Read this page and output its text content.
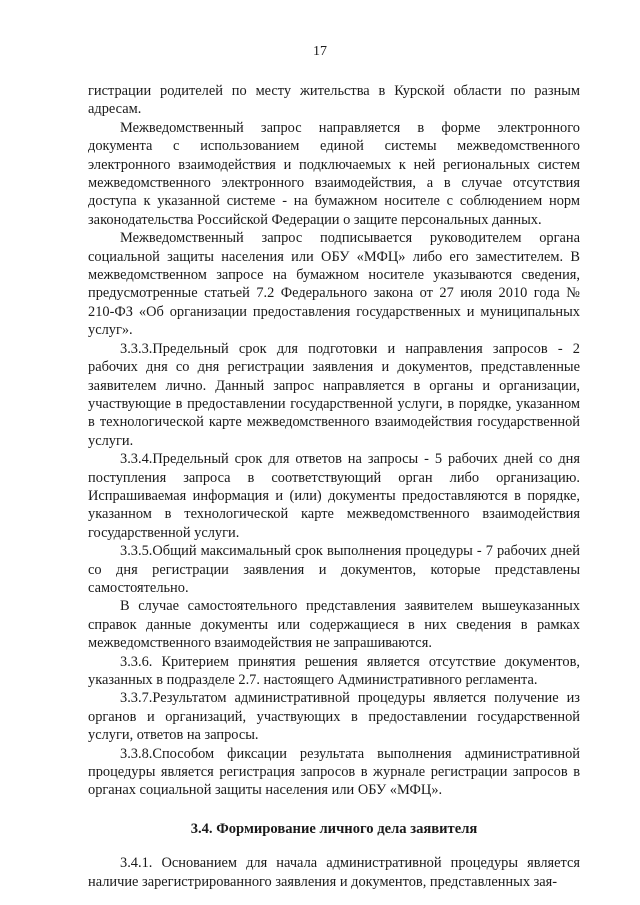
17

гистрации родителей по месту жительства в Курской области по разным адресам.

Межведомственный запрос направляется в форме электронного документа с использованием единой системы межведомственного электронного взаимодействия и подключаемых к ней региональных систем межведомственного электронного взаимодействия, а в случае отсутствия доступа к указанной системе - на бумажном носителе с соблюдением норм законодательства Российской Федерации о защите персональных данных.

Межведомственный запрос подписывается руководителем органа социальной защиты населения или ОБУ «МФЦ» либо его заместителем. В межведомственном запросе на бумажном носителе указываются сведения, предусмотренные статьей 7.2 Федерального закона от 27 июля 2010 года № 210-ФЗ «Об организации предоставления государственных и муниципальных услуг».

3.3.3.Предельный срок для подготовки и направления запросов - 2 рабочих дня со дня регистрации заявления и документов, представленные заявителем лично. Данный запрос направляется в органы и организации, участвующие в предоставлении государственной услуги, в порядке, указанном в технологической карте межведомственного взаимодействия государственной услуги.

3.3.4.Предельный срок для ответов на запросы - 5 рабочих дней со дня поступления запроса в соответствующий орган либо организацию. Испрашиваемая информация и (или) документы предоставляются в порядке, указанном в технологической карте межведомственного взаимодействия государственной услуги.

3.3.5.Общий максимальный срок выполнения процедуры - 7 рабочих дней со дня регистрации заявления и документов, которые представлены самостоятельно.

В случае самостоятельного представления заявителем вышеуказанных справок данные документы или содержащиеся в них сведения в рамках межведомственного взаимодействия не запрашиваются.

3.3.6. Критерием принятия решения является отсутствие документов, указанных в подразделе 2.7. настоящего Административного регламента.

3.3.7.Результатом административной процедуры является получение из органов и организаций, участвующих в предоставлении государственной услуги, ответов на запросы.

3.3.8.Способом фиксации результата выполнения административной процедуры является регистрация запросов в журнале регистрации запросов в органах социальной защиты населения или ОБУ «МФЦ».

3.4. Формирование личного дела заявителя

3.4.1. Основанием для начала административной процедуры является наличие зарегистрированного заявления и документов, представленных зая-
